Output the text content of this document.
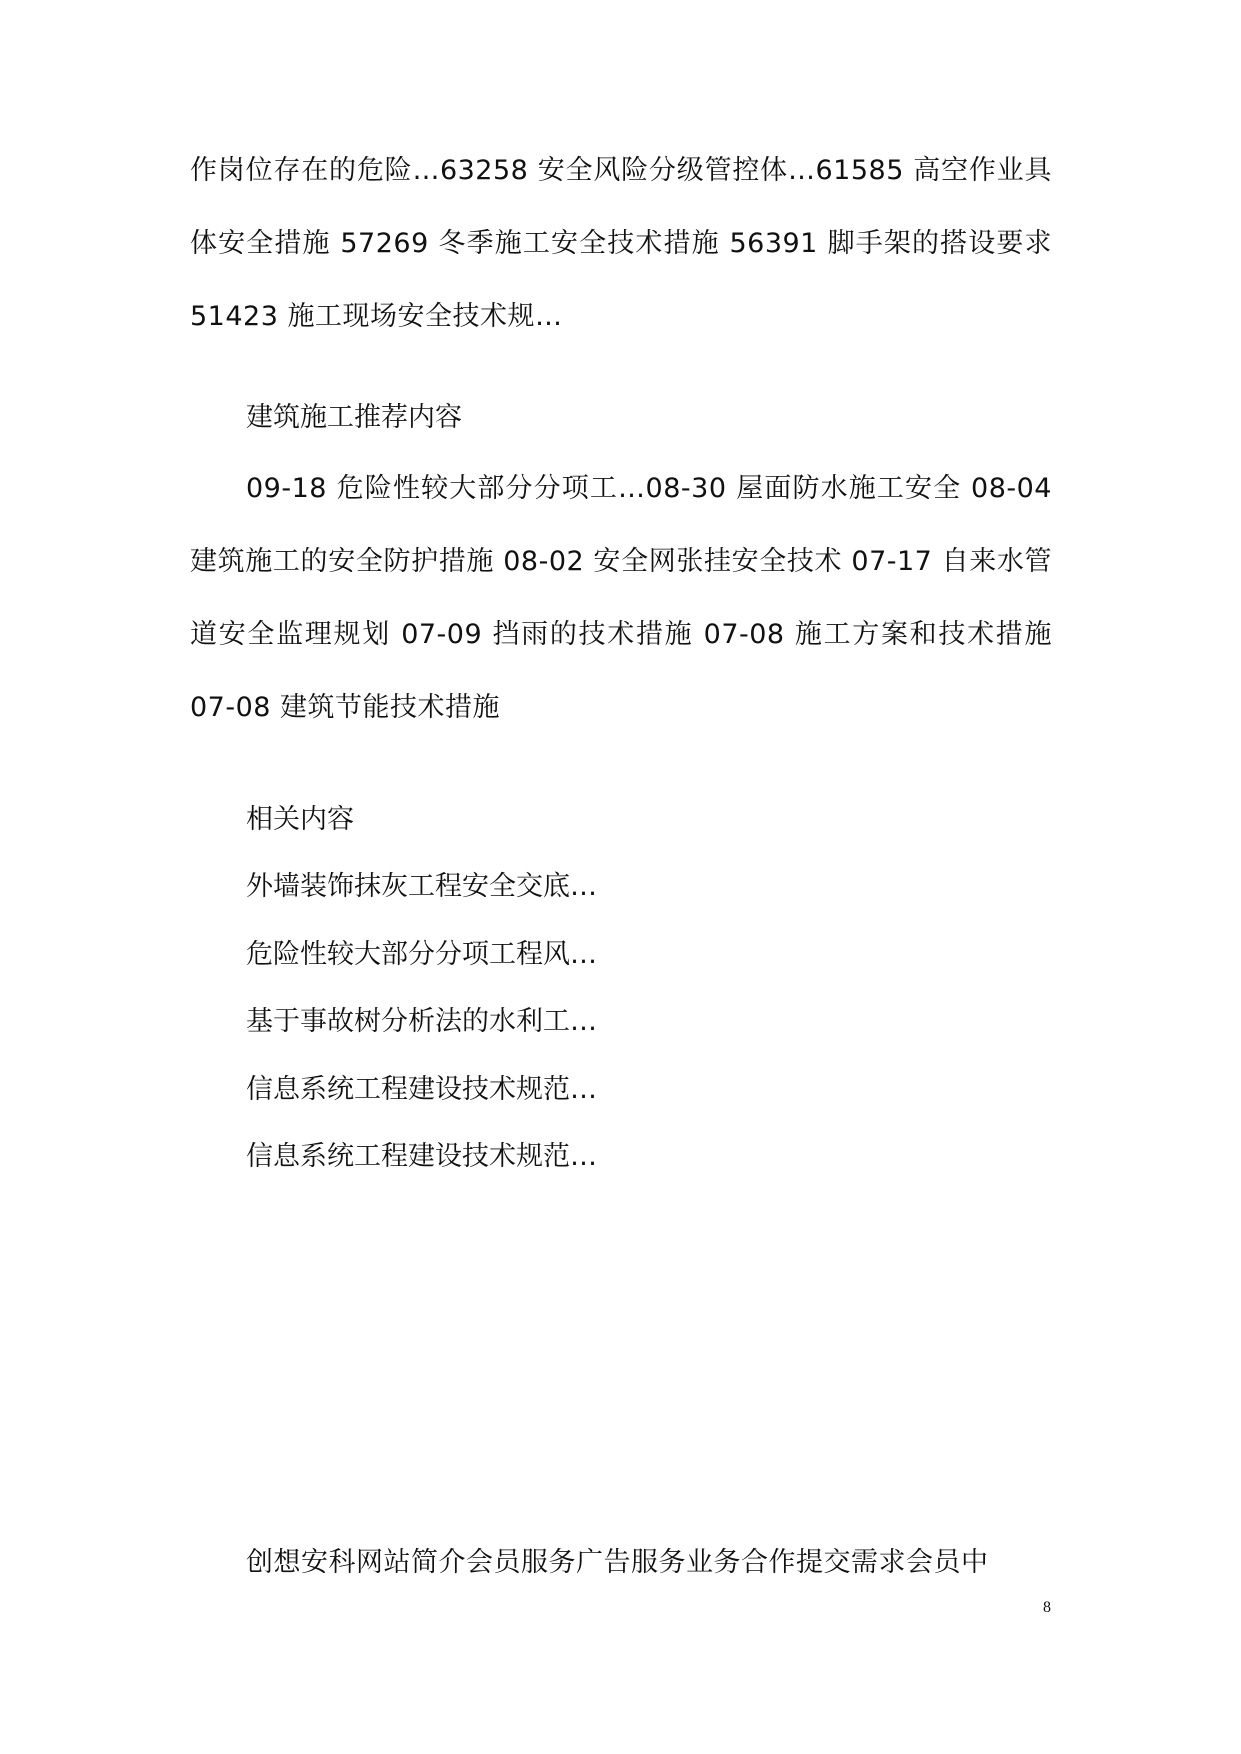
作岗位存在的危险…63258 安全风险分级管控体…61585 高空作业具体安全措施 57269 冬季施工安全技术措施 56391 脚手架的搭设要求 51423 施工现场安全技术规…

建筑施工推荐内容

09-18 危险性较大部分分项工…08-30 屋面防水施工安全 08-04 建筑施工的安全防护措施 08-02 安全网张挂安全技术 07-17 自来水管道安全监理规划 07-09 挡雨的技术措施 07-08 施工方案和技术措施 07-08 建筑节能技术措施

相关内容

外墙装饰抹灰工程安全交底…

危险性较大部分分项工程风…

基于事故树分析法的水利工…

信息系统工程建设技术规范…

信息系统工程建设技术规范…

创想安科网站简介会员服务广告服务业务合作提交需求会员中

8
